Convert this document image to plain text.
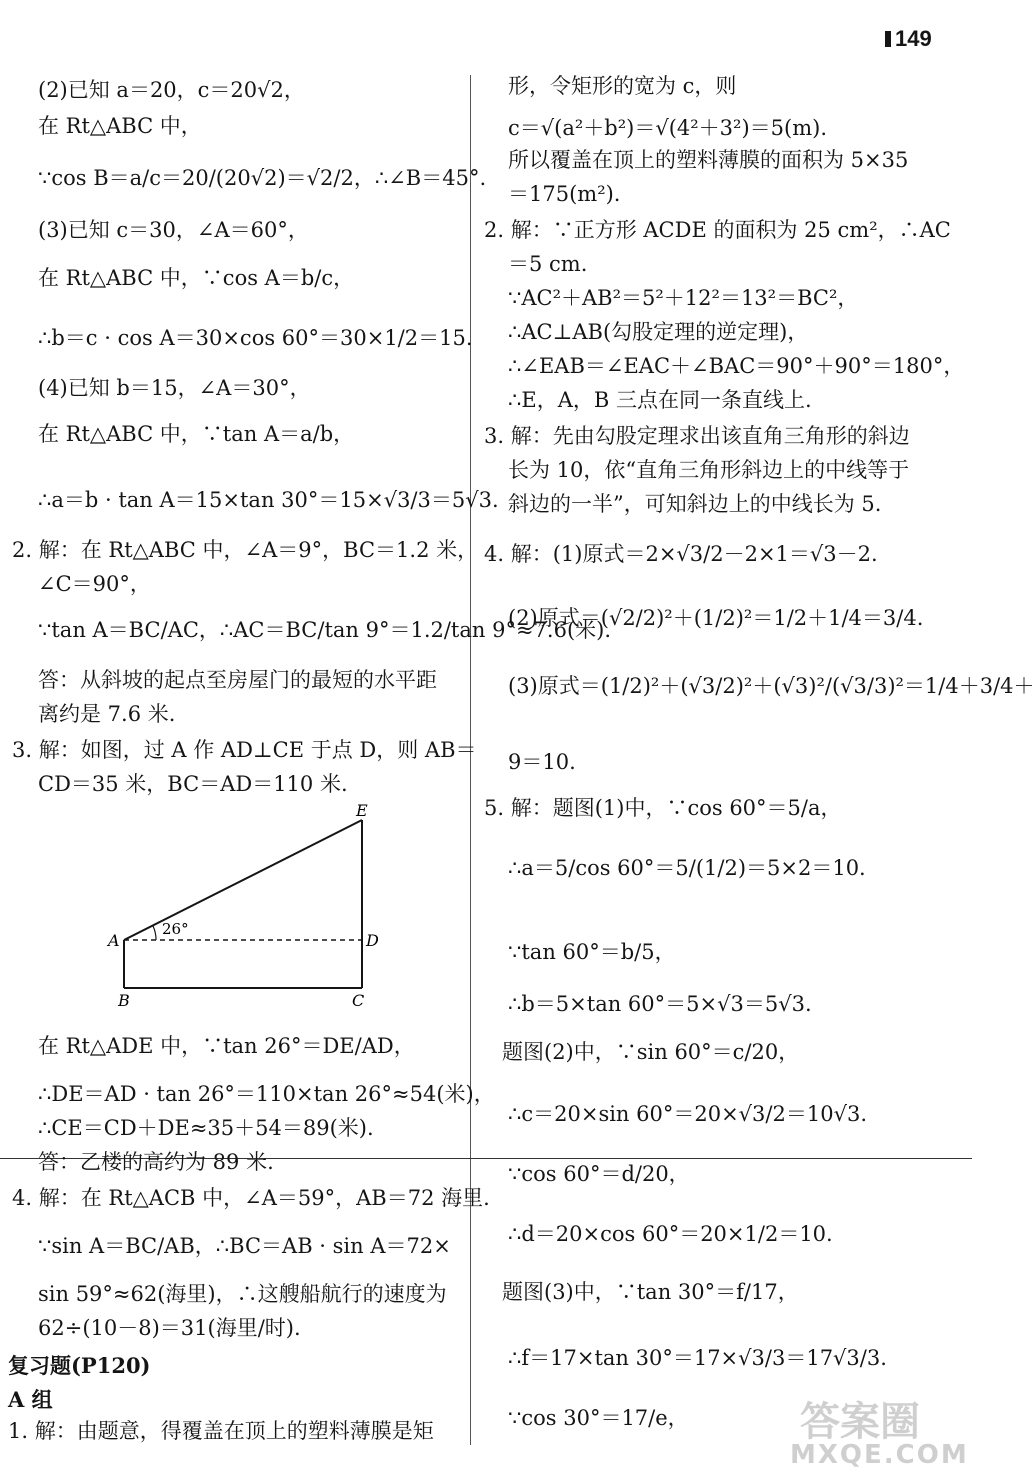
149
(2)已知 a＝20，c＝20√2，
在 Rt△ABC 中，
∵cos B＝a/c＝20/(20√2)＝√2/2，∴∠B＝45°.
(3)已知 c＝30，∠A＝60°，
在 Rt△ABC 中，∵cos A＝b/c，
∴b＝c · cos A＝30×cos 60°＝30×1/2＝15.
(4)已知 b＝15，∠A＝30°，
在 Rt△ABC 中，∵tan A＝a/b，
∴a＝b · tan A＝15×tan 30°＝15×√3/3＝5√3.
2. 解：在 Rt△ABC 中，∠A＝9°，BC＝1.2 米，
∠C＝90°，
∵tan A＝BC/AC，∴AC＝BC/tan 9°＝1.2/tan 9°≈7.6(米).
答：从斜坡的起点至房屋门的最短的水平距
离约是 7.6 米.
3. 解：如图，过 A 作 AD⊥CE 于点 D，则 AB＝
CD＝35 米，BC＝AD＝110 米.
在 Rt△ADE 中，∵tan 26°＝DE/AD，
∴DE＝AD · tan 26°＝110×tan 26°≈54(米)，
∴CE＝CD＋DE≈35＋54＝89(米).
答：乙楼的高约为 89 米.
4. 解：在 Rt△ACB 中，∠A＝59°，AB＝72 海里.
∵sin A＝BC/AB，∴BC＝AB · sin A＝72×
sin 59°≈62(海里)，∴这艘船航行的速度为
62÷(10－8)＝31(海里/时).
复习题(P120)
A 组
1. 解：由题意，得覆盖在顶上的塑料薄膜是矩
形，令矩形的宽为 c，则
c＝√(a²＋b²)＝√(4²＋3²)＝5(m).
所以覆盖在顶上的塑料薄膜的面积为 5×35
＝175(m²).
2. 解：∵正方形 ACDE 的面积为 25 cm²，∴AC
＝5 cm.
∵AC²＋AB²＝5²＋12²＝13²＝BC²，
∴AC⊥AB(勾股定理的逆定理)，
∴∠EAB＝∠EAC＋∠BAC＝90°＋90°＝180°，
∴E，A，B 三点在同一条直线上.
3. 解：先由勾股定理求出该直角三角形的斜边
长为 10，依“直角三角形斜边上的中线等于
斜边的一半”，可知斜边上的中线长为 5.
4. 解：(1)原式＝2×√3/2－2×1＝√3－2.
(2)原式＝(√2/2)²＋(1/2)²＝1/2＋1/4＝3/4.
(3)原式＝(1/2)²＋(√3/2)²＋(√3)²/(√3/3)²＝1/4＋3/4＋
9＝10.
5. 解：题图(1)中，∵cos 60°＝5/a，
∴a＝5/cos 60°＝5/(1/2)＝5×2＝10.
∵tan 60°＝b/5，
∴b＝5×tan 60°＝5×√3＝5√3.
题图(2)中，∵sin 60°＝c/20，
∴c＝20×sin 60°＝20×√3/2＝10√3.
∵cos 60°＝d/20，
∴d＝20×cos 60°＝20×1/2＝10.
题图(3)中，∵tan 30°＝f/17，
∴f＝17×tan 30°＝17×√3/3＝17√3/3.
∵cos 30°＝17/e，
26°
A
B	C
D
E
答案圈
MXQE.COM
